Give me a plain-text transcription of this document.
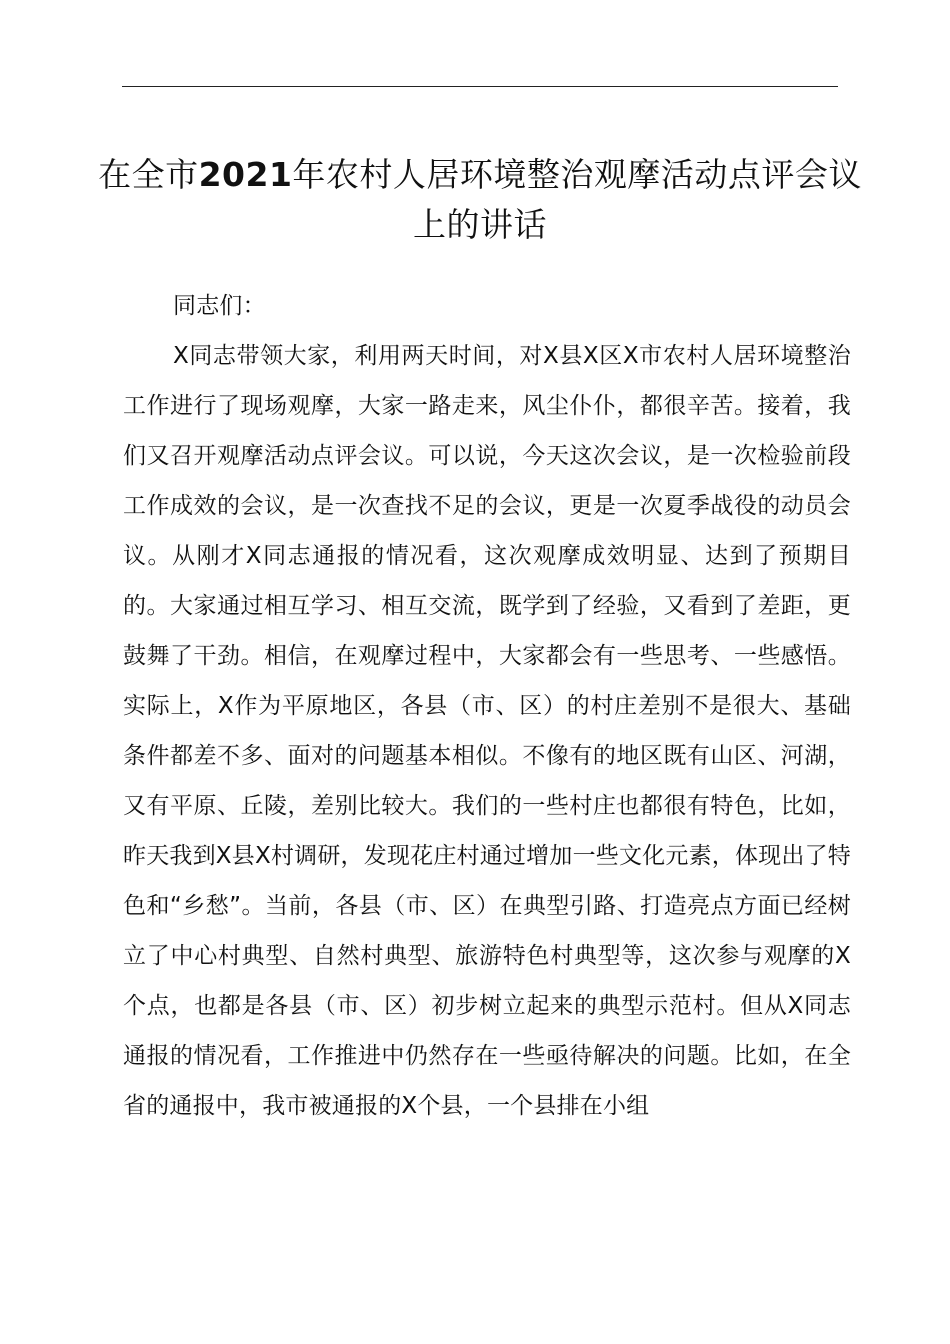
在全市2021年农村人居环境整治观摩活动点评会议上的讲话

同志们：

X同志带领大家，利用两天时间，对X县X区X市农村人居环境整治工作进行了现场观摩，大家一路走来，风尘仆仆，都很辛苦。接着，我们又召开观摩活动点评会议。可以说，今天这次会议，是一次检验前段工作成效的会议，是一次查找不足的会议，更是一次夏季战役的动员会议。从刚才X同志通报的情况看，这次观摩成效明显、达到了预期目的。大家通过相互学习、相互交流，既学到了经验，又看到了差距，更鼓舞了干劲。相信，在观摩过程中，大家都会有一些思考、一些感悟。实际上，X作为平原地区，各县（市、区）的村庄差别不是很大、基础条件都差不多、面对的问题基本相似。不像有的地区既有山区、河湖，又有平原、丘陵，差别比较大。我们的一些村庄也都很有特色，比如，昨天我到X县X村调研，发现花庄村通过增加一些文化元素，体现出了特色和“乡愁”。当前，各县（市、区）在典型引路、打造亮点方面已经树立了中心村典型、自然村典型、旅游特色村典型等，这次参与观摩的X个点，也都是各县（市、区）初步树立起来的典型示范村。但从X同志通报的情况看，工作推进中仍然存在一些亟待解决的问题。比如，在全省的通报中，我市被通报的X个县，一个县排在小组
